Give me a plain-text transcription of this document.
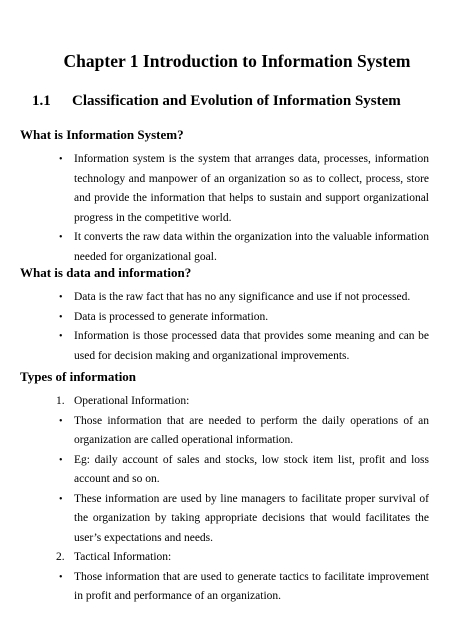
Chapter 1 Introduction to Information System
1.1 Classification and Evolution of Information System
What is Information System?
• Information system is the system that arranges data, processes, information technology and manpower of an organization so as to collect, process, store and provide the information that helps to sustain and support organizational progress in the competitive world.
• It converts the raw data within the organization into the valuable information needed for organizational goal.
What is data and information?
• Data is the raw fact that has no any significance and use if not processed.
• Data is processed to generate information.
• Information is those processed data that provides some meaning and can be used for decision making and organizational improvements.
Types of information
1. Operational Information:
• Those information that are needed to perform the daily operations of an organization are called operational information.
• Eg: daily account of sales and stocks, low stock item list, profit and loss account and so on.
• These information are used by line managers to facilitate proper survival of the organization by taking appropriate decisions that would facilitates the user’s expectations and needs.
2. Tactical Information:
• Those information that are used to generate tactics to facilitate improvement in profit and performance of an organization.
